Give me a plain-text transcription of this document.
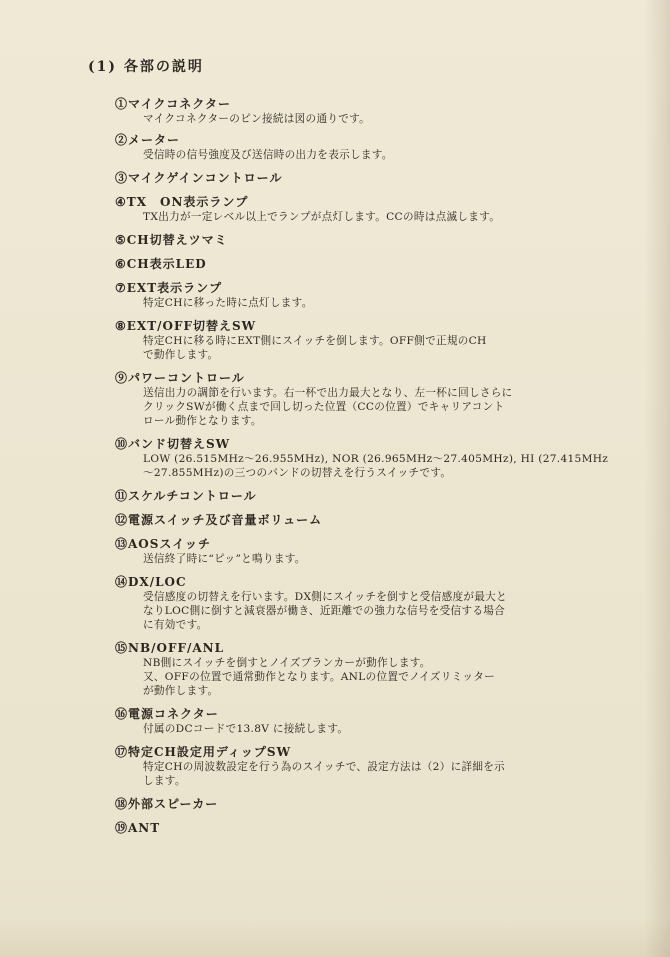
(1) 各部の説明
①マイクコネクター
マイクコネクターのピン接続は図の通りです。
②メーター
受信時の信号強度及び送信時の出力を表示します。
③マイクゲインコントロール
④TX　ON表示ランプ
TX出力が一定レベル以上でランプが点灯します。CCの時は点滅します。
⑤CH切替えツマミ
⑥CH表示LED
⑦EXT表示ランプ
特定CHに移った時に点灯します。
⑧EXT/OFF切替えSW
特定CHに移る時にEXT側にスイッチを倒します。OFF側で正規のCH
で動作します。
⑨パワーコントロール
送信出力の調節を行います。右一杯で出力最大となり、左一杯に回しさらに
クリックSWが働く点まで回し切った位置（CCの位置）でキャリアコント
ロール動作となります。
⑩バンド切替えSW
LOW (26.515MHz～26.955MHz), NOR (26.965MHz～27.405MHz), HI (27.415MHz
～27.855MHz)の三つのバンドの切替えを行うスイッチです。
⑪スケルチコントロール
⑫電源スイッチ及び音量ボリューム
⑬AOSスイッチ
送信終了時に“ピッ”と鳴ります。
⑭DX/LOC
受信感度の切替えを行います。DX側にスイッチを倒すと受信感度が最大と
なりLOC側に倒すと減衰器が働き、近距離での強力な信号を受信する場合
に有効です。
⑮NB/OFF/ANL
NB側にスイッチを倒すとノイズブランカーが動作します。
又、OFFの位置で通常動作となります。ANLの位置でノイズリミッター
が動作します。
⑯電源コネクター
付属のDCコードで13.8V に接続します。
⑰特定CH設定用ディップSW
特定CHの周波数設定を行う為のスイッチで、設定方法は（2）に詳細を示
します。
⑱外部スピーカー
⑲ANT
